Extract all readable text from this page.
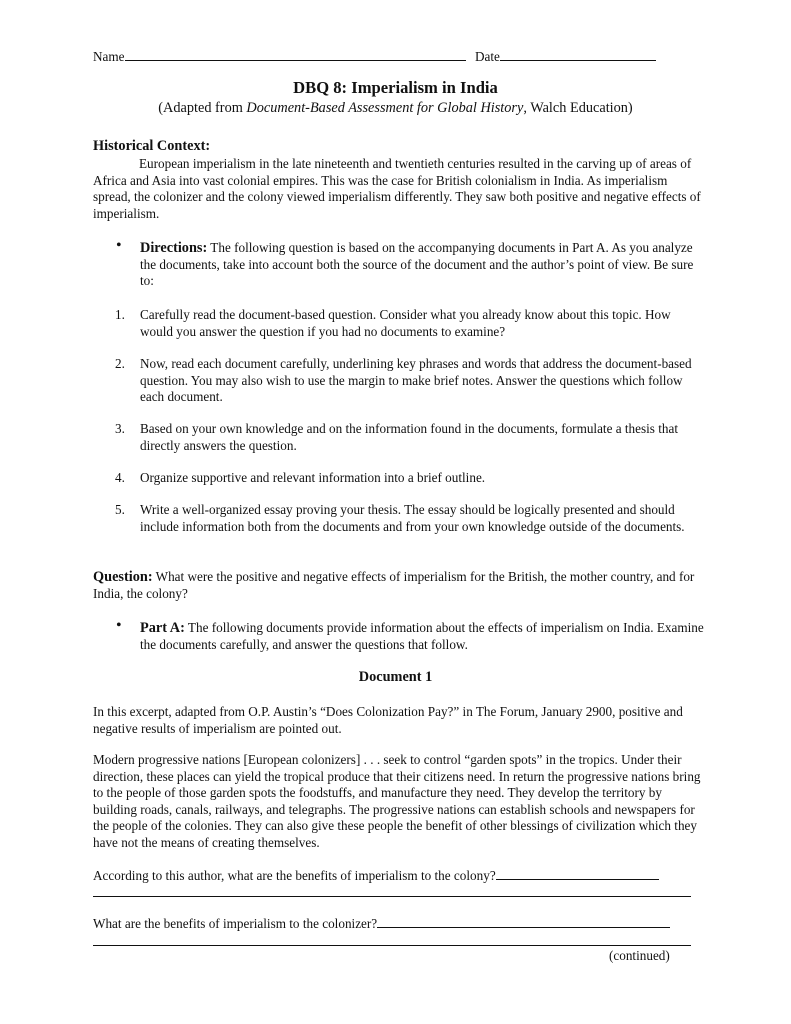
Name	Date
DBQ 8: Imperialism in India
(Adapted from Document-Based Assessment for Global History, Walch Education)
Historical Context:
European imperialism in the late nineteenth and twentieth centuries resulted in the carving up of areas of Africa and Asia into vast colonial empires. This was the case for British colonialism in India. As imperialism spread, the colonizer and the colony viewed imperialism differently. They saw both positive and negative effects of imperialism.
• Directions: The following question is based on the accompanying documents in Part A. As you analyze the documents, take into account both the source of the document and the author’s point of view. Be sure to:
1. Carefully read the document-based question. Consider what you already know about this topic. How would you answer the question if you had no documents to examine?
2. Now, read each document carefully, underlining key phrases and words that address the document-based question. You may also wish to use the margin to make brief notes. Answer the questions which follow each document.
3. Based on your own knowledge and on the information found in the documents, formulate a thesis that directly answers the question.
4. Organize supportive and relevant information into a brief outline.
5. Write a well-organized essay proving your thesis. The essay should be logically presented and should include information both from the documents and from your own knowledge outside of the documents.
Question: What were the positive and negative effects of imperialism for the British, the mother country, and for India, the colony?
• Part A: The following documents provide information about the effects of imperialism on India. Examine the documents carefully, and answer the questions that follow.
Document 1
In this excerpt, adapted from O.P. Austin’s “Does Colonization Pay?” in The Forum, January 2900, positive and negative results of imperialism are pointed out.
Modern progressive nations [European colonizers] . . . seek to control “garden spots” in the tropics. Under their direction, these places can yield the tropical produce that their citizens need. In return the progressive nations bring to the people of those garden spots the foodstuffs, and manufacture they need. They develop the territory by building roads, canals, railways, and telegraphs. The progressive nations can establish schools and newspapers for the people of the colonies. They can also give these people the benefit of other blessings of civilization which they have not the means of creating themselves.
According to this author, what are the benefits of imperialism to the colony?
What are the benefits of imperialism to the colonizer?
(continued)
